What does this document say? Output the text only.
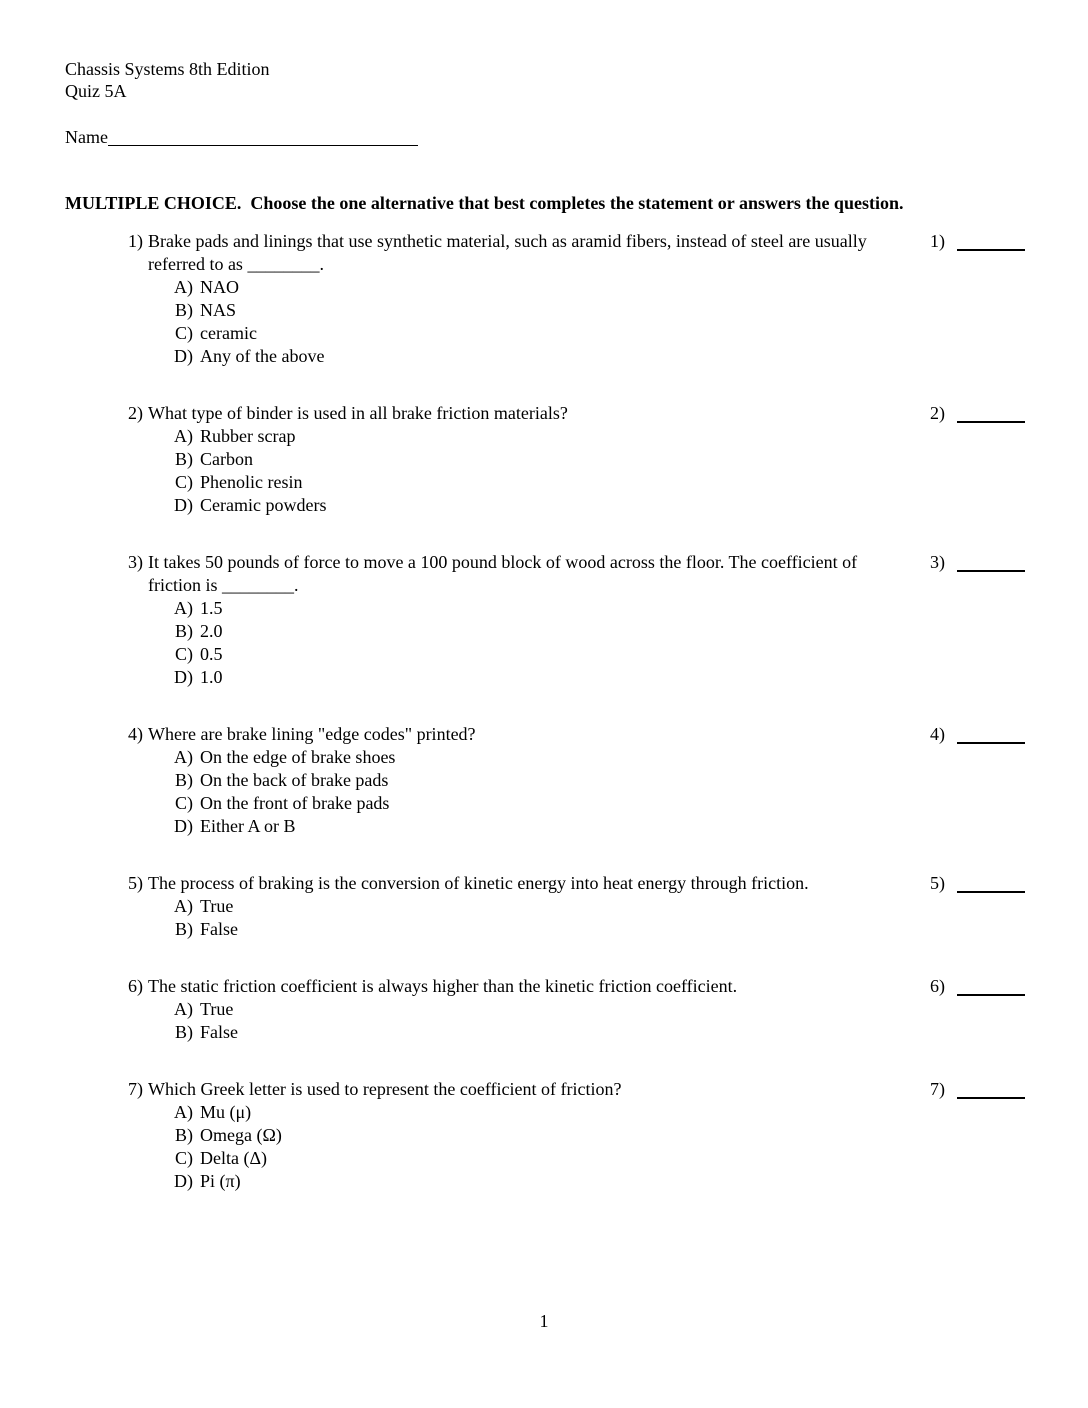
Chassis Systems 8th Edition
Quiz 5A
Name
MULTIPLE CHOICE. Choose the one alternative that best completes the statement or answers the question.
1) Brake pads and linings that use synthetic material, such as aramid fibers, instead of steel are usually referred to as ________.
A) NAO
B) NAS
C) ceramic
D) Any of the above
1)
2) What type of binder is used in all brake friction materials?
A) Rubber scrap
B) Carbon
C) Phenolic resin
D) Ceramic powders
2)
3) It takes 50 pounds of force to move a 100 pound block of wood across the floor. The coefficient of friction is ________.
A) 1.5
B) 2.0
C) 0.5
D) 1.0
3)
4) Where are brake lining "edge codes" printed?
A) On the edge of brake shoes
B) On the back of brake pads
C) On the front of brake pads
D) Either A or B
4)
5) The process of braking is the conversion of kinetic energy into heat energy through friction.
A) True
B) False
5)
6) The static friction coefficient is always higher than the kinetic friction coefficient.
A) True
B) False
6)
7) Which Greek letter is used to represent the coefficient of friction?
A) Mu (μ)
B) Omega (Ω)
C) Delta (Δ)
D) Pi (π)
7)
1
